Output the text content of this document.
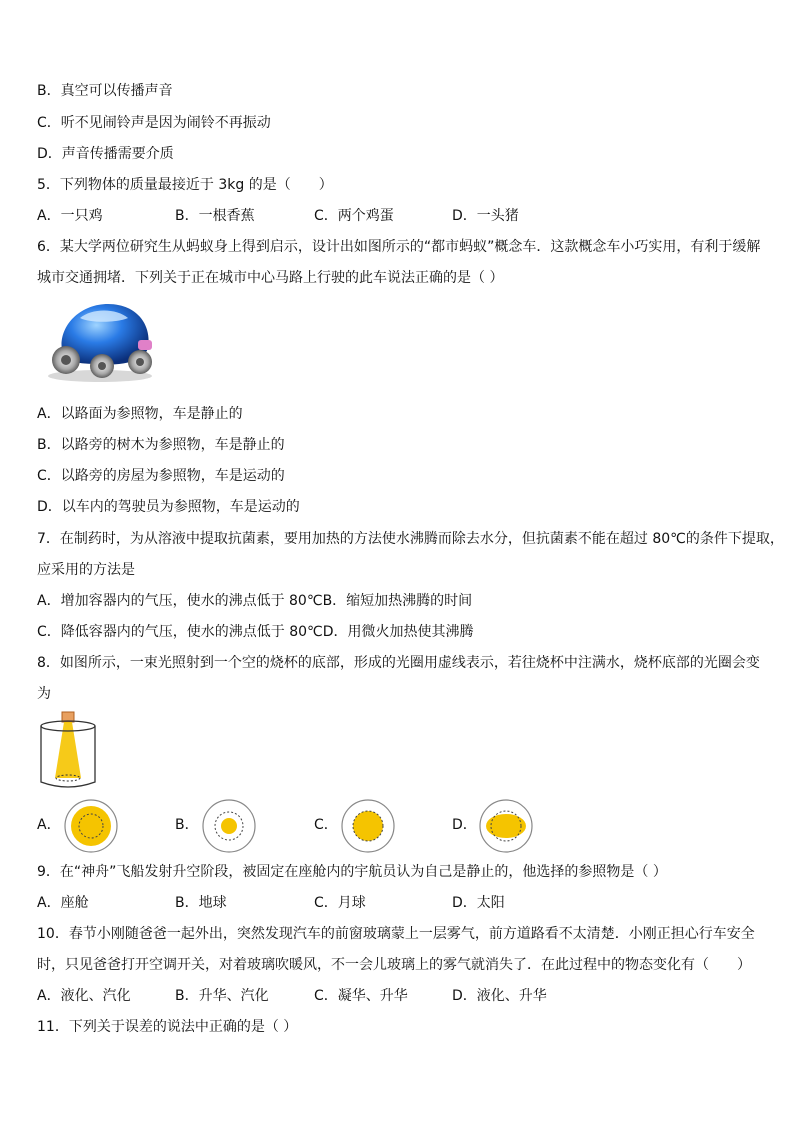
B．真空可以传播声音
C．听不见闹铃声是因为闹铃不再振动
D．声音传播需要介质
5．下列物体的质量最接近于 3kg 的是（　　）
A．一只鸡	B．一根香蕉	C．两个鸡蛋	D．一头猪
6．某大学两位研究生从蚂蚁身上得到启示，设计出如图所示的“都市蚂蚁”概念车．这款概念车小巧实用，有利于缓解
城市交通拥堵．下列关于正在城市中心马路上行驶的此车说法正确的是（ ）
A．以路面为参照物，车是静止的
B．以路旁的树木为参照物，车是静止的
C．以路旁的房屋为参照物，车是运动的
D．以车内的驾驶员为参照物，车是运动的
7．在制药时，为从溶液中提取抗菌素，要用加热的方法使水沸腾而除去水分，但抗菌素不能在超过 80℃的条件下提取，
应采用的方法是
A．增加容器内的气压，使水的沸点低于 80℃B．缩短加热沸腾的时间
C．降低容器内的气压，使水的沸点低于 80℃D．用微火加热使其沸腾
8．如图所示，一束光照射到一个空的烧杯的底部，形成的光圈用虚线表示，若往烧杯中注满水，烧杯底部的光圈会变
为
A．	B．	C．	D．
9．在“神舟”飞船发射升空阶段，被固定在座舱内的宇航员认为自己是静止的，他选择的参照物是（ ）
A．座舱	B．地球	C．月球	D．太阳
10．春节小刚随爸爸一起外出，突然发现汽车的前窗玻璃蒙上一层雾气，前方道路看不太清楚．小刚正担心行车安全
时，只见爸爸打开空调开关，对着玻璃吹暖风，不一会儿玻璃上的雾气就消失了．在此过程中的物态变化有（　　）
A．液化、汽化	B．升华、汽化	C．凝华、升华	D．液化、升华
11．下列关于误差的说法中正确的是（ ）
